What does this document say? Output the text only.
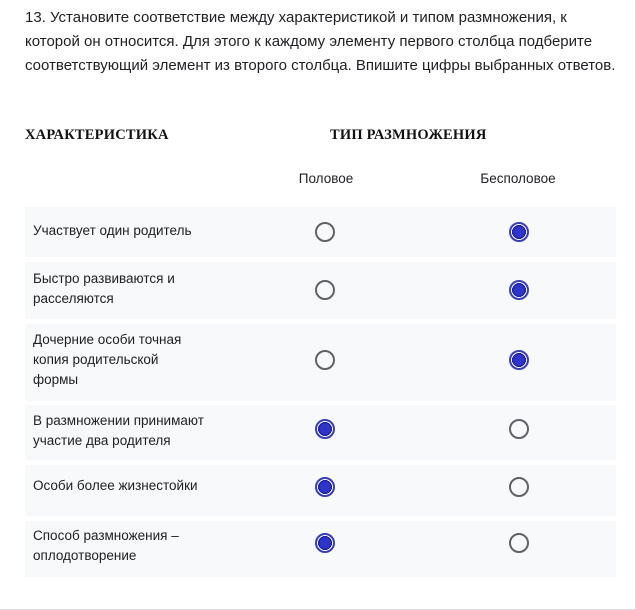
13. Установите соответствие между характеристикой и типом размножения, к которой он относится. Для этого к каждому элементу первого столбца подберите соответствующий элемент из второго столбца. Впишите цифры выбранных ответов.
ХАРАКТЕРИСТИКА	ТИП РАЗМНОЖЕНИЯ
Половое	Бесполовое
Участвует один родитель
Быстро развиваются и расселяются
Дочерние особи точная копия родительской формы
В размножении принимают участие два родителя
Особи более жизнестойки
Способ размножения – оплодотворение
